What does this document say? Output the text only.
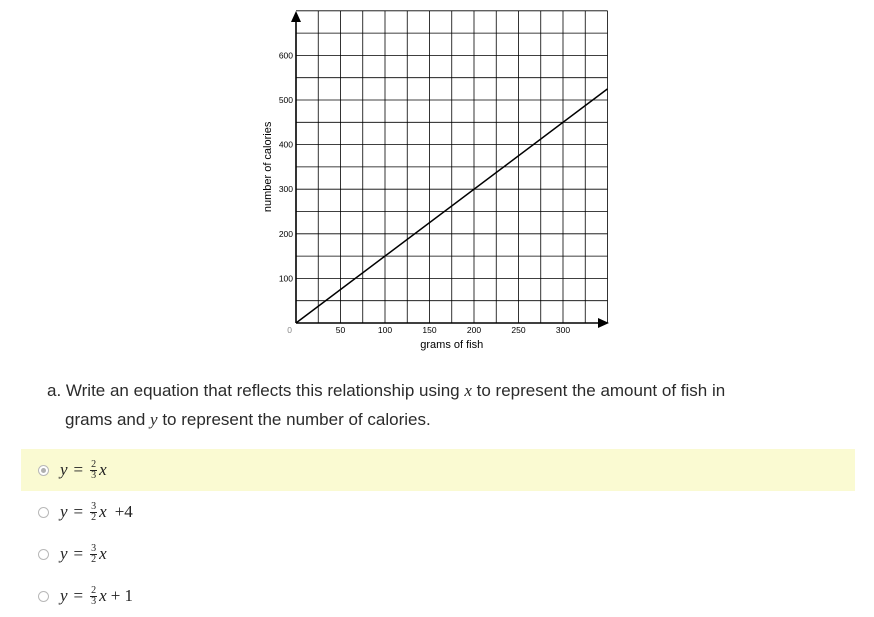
50	100	150	200	250	300
100
200
300
400
500
600
0
grams of fish
number of calories
a. Write an equation that reflects this relationship using x to represent the amount of fish in
grams and y to represent the number of calories.
$y = \frac{2}{3}$ x
$y = \frac{3}{2}$ x +4
$y = \frac{3}{2}$ x
$y = \frac{2}{3}$ x + 1
